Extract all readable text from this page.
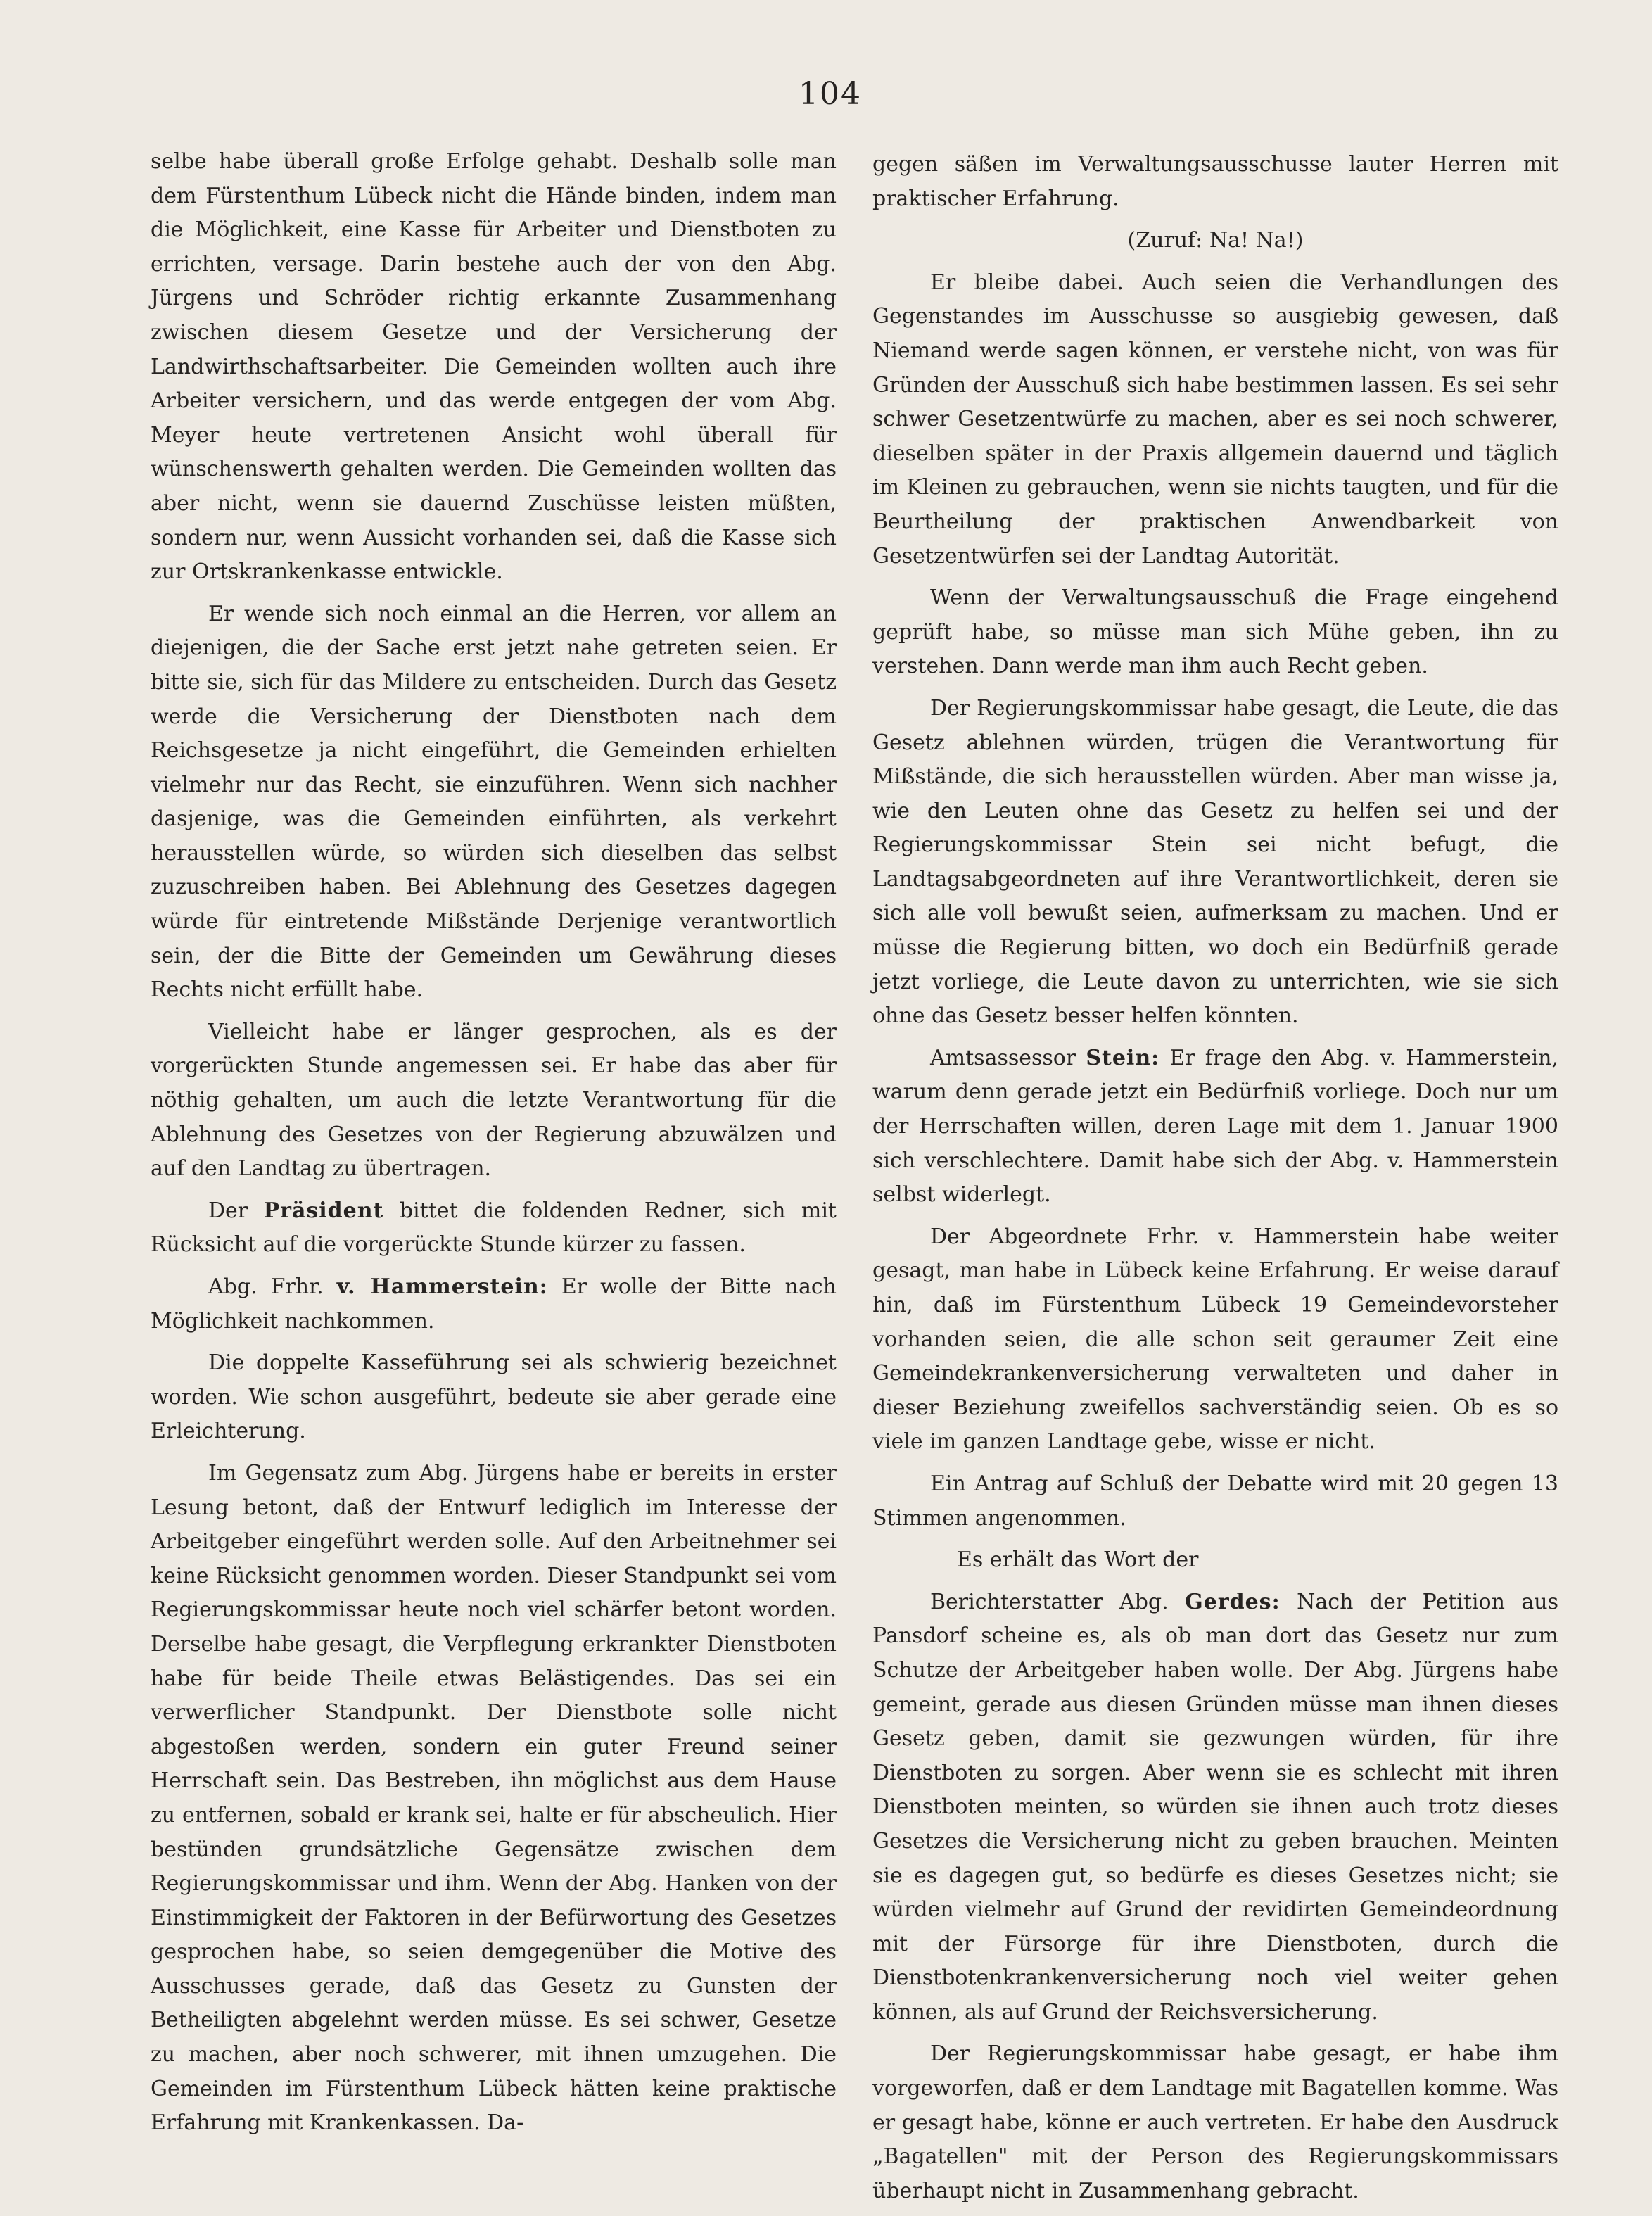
104

selbe habe überall große Erfolge gehabt. Deshalb solle man dem Fürstenthum Lübeck nicht die Hände binden, indem man die Möglichkeit, eine Kasse für Arbeiter und Dienstboten zu errichten, versage. Darin bestehe auch der von den Abg. Jürgens und Schröder richtig erkannte Zusammenhang zwischen diesem Gesetze und der Versicherung der Landwirthschaftsarbeiter. Die Gemeinden wollten auch ihre Arbeiter versichern, und das werde entgegen der vom Abg. Meyer heute vertretenen Ansicht wohl überall für wünschenswerth gehalten werden. Die Gemeinden wollten das aber nicht, wenn sie dauernd Zuschüsse leisten müßten, sondern nur, wenn Aussicht vorhanden sei, daß die Kasse sich zur Ortskrankenkasse entwickle.

Er wende sich noch einmal an die Herren, vor allem an diejenigen, die der Sache erst jetzt nahe getreten seien. Er bitte sie, sich für das Mildere zu entscheiden. Durch das Gesetz werde die Versicherung der Dienstboten nach dem Reichsgesetze ja nicht eingeführt, die Gemeinden erhielten vielmehr nur das Recht, sie einzuführen. Wenn sich nachher dasjenige, was die Gemeinden einführten, als verkehrt herausstellen würde, so würden sich dieselben das selbst zuzuschreiben haben. Bei Ablehnung des Gesetzes dagegen würde für eintretende Mißstände Derjenige verantwortlich sein, der die Bitte der Gemeinden um Gewährung dieses Rechts nicht erfüllt habe.

Vielleicht habe er länger gesprochen, als es der vorgerückten Stunde angemessen sei. Er habe das aber für nöthig gehalten, um auch die letzte Verantwortung für die Ablehnung des Gesetzes von der Regierung abzuwälzen und auf den Landtag zu übertragen.

Der Präsident bittet die foldenden Redner, sich mit Rücksicht auf die vorgerückte Stunde kürzer zu fassen.

Abg. Frhr. v. Hammerstein: Er wolle der Bitte nach Möglichkeit nachkommen.

Die doppelte Kasseführung sei als schwierig bezeichnet worden. Wie schon ausgeführt, bedeute sie aber gerade eine Erleichterung.

Im Gegensatz zum Abg. Jürgens habe er bereits in erster Lesung betont, daß der Entwurf lediglich im Interesse der Arbeitgeber eingeführt werden solle. Auf den Arbeitnehmer sei keine Rücksicht genommen worden. Dieser Standpunkt sei vom Regierungskommissar heute noch viel schärfer betont worden. Derselbe habe gesagt, die Verpflegung erkrankter Dienstboten habe für beide Theile etwas Belästigendes. Das sei ein verwerflicher Standpunkt. Der Dienstbote solle nicht abgestoßen werden, sondern ein guter Freund seiner Herrschaft sein. Das Bestreben, ihn möglichst aus dem Hause zu entfernen, sobald er krank sei, halte er für abscheulich. Hier bestünden grundsätzliche Gegensätze zwischen dem Regierungskommissar und ihm. Wenn der Abg. Hanken von der Einstimmigkeit der Faktoren in der Befürwortung des Gesetzes gesprochen habe, so seien demgegenüber die Motive des Ausschusses gerade, daß das Gesetz zu Gunsten der Betheiligten abgelehnt werden müsse. Es sei schwer, Gesetze zu machen, aber noch schwerer, mit ihnen umzugehen. Die Gemeinden im Fürstenthum Lübeck hätten keine praktische Erfahrung mit Krankenkassen. Da-

gegen säßen im Verwaltungsausschusse lauter Herren mit praktischer Erfahrung.

(Zuruf: Na! Na!)

Er bleibe dabei. Auch seien die Verhandlungen des Gegenstandes im Ausschusse so ausgiebig gewesen, daß Niemand werde sagen können, er verstehe nicht, von was für Gründen der Ausschuß sich habe bestimmen lassen. Es sei sehr schwer Gesetzentwürfe zu machen, aber es sei noch schwerer, dieselben später in der Praxis allgemein dauernd und täglich im Kleinen zu gebrauchen, wenn sie nichts taugten, und für die Beurtheilung der praktischen Anwendbarkeit von Gesetzentwürfen sei der Landtag Autorität.

Wenn der Verwaltungsausschuß die Frage eingehend geprüft habe, so müsse man sich Mühe geben, ihn zu verstehen. Dann werde man ihm auch Recht geben.

Der Regierungskommissar habe gesagt, die Leute, die das Gesetz ablehnen würden, trügen die Verantwortung für Mißstände, die sich herausstellen würden. Aber man wisse ja, wie den Leuten ohne das Gesetz zu helfen sei und der Regierungskommissar Stein sei nicht befugt, die Landtagsabgeordneten auf ihre Verantwortlichkeit, deren sie sich alle voll bewußt seien, aufmerksam zu machen. Und er müsse die Regierung bitten, wo doch ein Bedürfniß gerade jetzt vorliege, die Leute davon zu unterrichten, wie sie sich ohne das Gesetz besser helfen könnten.

Amtsassessor Stein: Er frage den Abg. v. Hammerstein, warum denn gerade jetzt ein Bedürfniß vorliege. Doch nur um der Herrschaften willen, deren Lage mit dem 1. Januar 1900 sich verschlechtere. Damit habe sich der Abg. v. Hammerstein selbst widerlegt.

Der Abgeordnete Frhr. v. Hammerstein habe weiter gesagt, man habe in Lübeck keine Erfahrung. Er weise darauf hin, daß im Fürstenthum Lübeck 19 Gemeindevorsteher vorhanden seien, die alle schon seit geraumer Zeit eine Gemeindekrankenversicherung verwalteten und daher in dieser Beziehung zweifellos sachverständig seien. Ob es so viele im ganzen Landtage gebe, wisse er nicht.

Ein Antrag auf Schluß der Debatte wird mit 20 gegen 13 Stimmen angenommen.

Es erhält das Wort der

Berichterstatter Abg. Gerdes: Nach der Petition aus Pansdorf scheine es, als ob man dort das Gesetz nur zum Schutze der Arbeitgeber haben wolle. Der Abg. Jürgens habe gemeint, gerade aus diesen Gründen müsse man ihnen dieses Gesetz geben, damit sie gezwungen würden, für ihre Dienstboten zu sorgen. Aber wenn sie es schlecht mit ihren Dienstboten meinten, so würden sie ihnen auch trotz dieses Gesetzes die Versicherung nicht zu geben brauchen. Meinten sie es dagegen gut, so bedürfe es dieses Gesetzes nicht; sie würden vielmehr auf Grund der revidirten Gemeindeordnung mit der Fürsorge für ihre Dienstboten, durch die Dienstbotenkrankenversicherung noch viel weiter gehen können, als auf Grund der Reichsversicherung.

Der Regierungskommissar habe gesagt, er habe ihm vorgeworfen, daß er dem Landtage mit Bagatellen komme. Was er gesagt habe, könne er auch vertreten. Er habe den Ausdruck „Bagatellen" mit der Person des Regierungskommissars überhaupt nicht in Zusammenhang gebracht.
